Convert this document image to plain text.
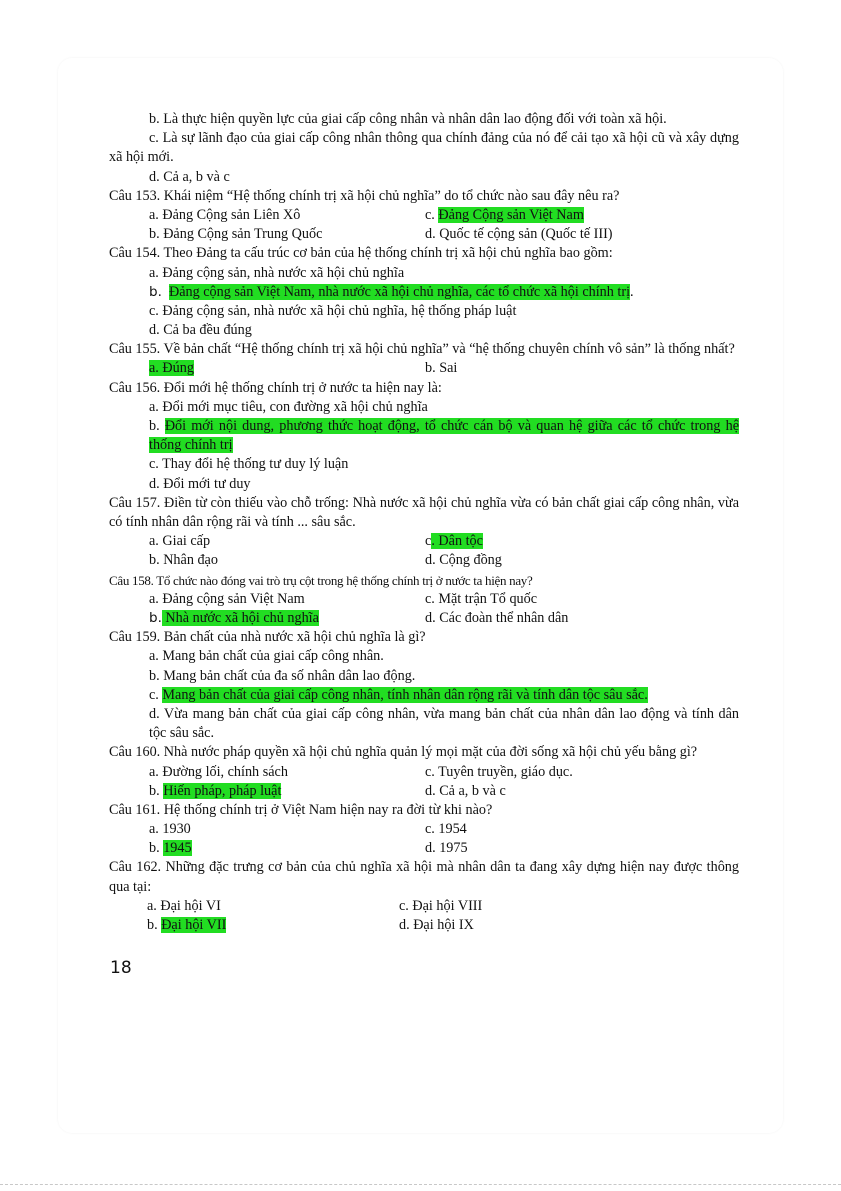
b. Là thực hiện quyền lực của giai cấp công nhân và nhân dân lao động đối với toàn xã hội.
c. Là sự lãnh đạo của giai cấp công nhân thông qua chính đảng của nó để cải tạo xã hội cũ và xây dựng xã hội mới.
d. Cả a, b và c
Câu 153. Khái niệm “Hệ thống chính trị xã hội chủ nghĩa” do tổ chức nào sau đây nêu ra?
a. Đảng Cộng sản Liên Xô	c. Đảng Cộng sản Việt Nam
b. Đảng Cộng sản Trung Quốc	d. Quốc tế cộng sản (Quốc tế III)
Câu 154. Theo Đảng ta cấu trúc cơ bản của hệ thống chính trị xã hội chủ nghĩa bao gồm:
a. Đảng cộng sản, nhà nước xã hội chủ nghĩa
b. Đảng cộng sản Việt Nam, nhà nước xã hội chủ nghĩa, các tổ chức xã hội chính trị.
c. Đảng cộng sản, nhà nước xã hội chủ nghĩa, hệ thống pháp luật
d. Cả ba đều đúng
Câu 155. Về bản chất “Hệ thống chính trị xã hội chủ nghĩa” và “hệ thống chuyên chính vô sản” là thống nhất?
a. Đúng	b. Sai
Câu 156. Đổi mới hệ thống chính trị ở nước ta hiện nay là:
a. Đổi mới mục tiêu, con đường xã hội chủ nghĩa
b. Đổi mới nội dung, phương thức hoạt động, tổ chức cán bộ và quan hệ giữa các tổ chức trong hệ thống chính trị
c. Thay đổi hệ thống tư duy lý luận
d. Đổi mới tư duy
Câu 157. Điền từ còn thiếu vào chỗ trống: Nhà nước xã hội chủ nghĩa vừa có bản chất giai cấp công nhân, vừa có tính nhân dân rộng rãi và tính ... sâu sắc.
a. Giai cấp	c. Dân tộc
b. Nhân đạo	d. Cộng đồng
Câu 158. Tổ chức nào đóng vai trò trụ cột trong hệ thống chính trị ở nước ta hiện nay?
a. Đảng cộng sản Việt Nam	c. Mặt trận Tổ quốc
b. Nhà nước xã hội chủ nghĩa	d. Các đoàn thể nhân dân
Câu 159. Bản chất của nhà nước xã hội chủ nghĩa là gì?
a. Mang bản chất của giai cấp công nhân.
b. Mang bản chất của đa số nhân dân lao động.
c. Mang bản chất của giai cấp công nhân, tính nhân dân rộng rãi và tính dân tộc sâu sắc.
d. Vừa mang bản chất của giai cấp công nhân, vừa mang bản chất của nhân dân lao động và tính dân tộc sâu sắc.
Câu 160. Nhà nước pháp quyền xã hội chủ nghĩa quản lý mọi mặt của đời sống xã hội chủ yếu bằng gì?
a. Đường lối, chính sách	c. Tuyên truyền, giáo dục.
b. Hiến pháp, pháp luật	d. Cả a, b và c
Câu 161. Hệ thống chính trị ở Việt Nam hiện nay ra đời từ khi nào?
a. 1930	c. 1954
b. 1945	d. 1975
Câu 162. Những đặc trưng cơ bản của chủ nghĩa xã hội mà nhân dân ta đang xây dựng hiện nay được thông qua tại:
a. Đại hội VI	c. Đại hội VIII
b. Đại hội VII	d. Đại hội IX
18
